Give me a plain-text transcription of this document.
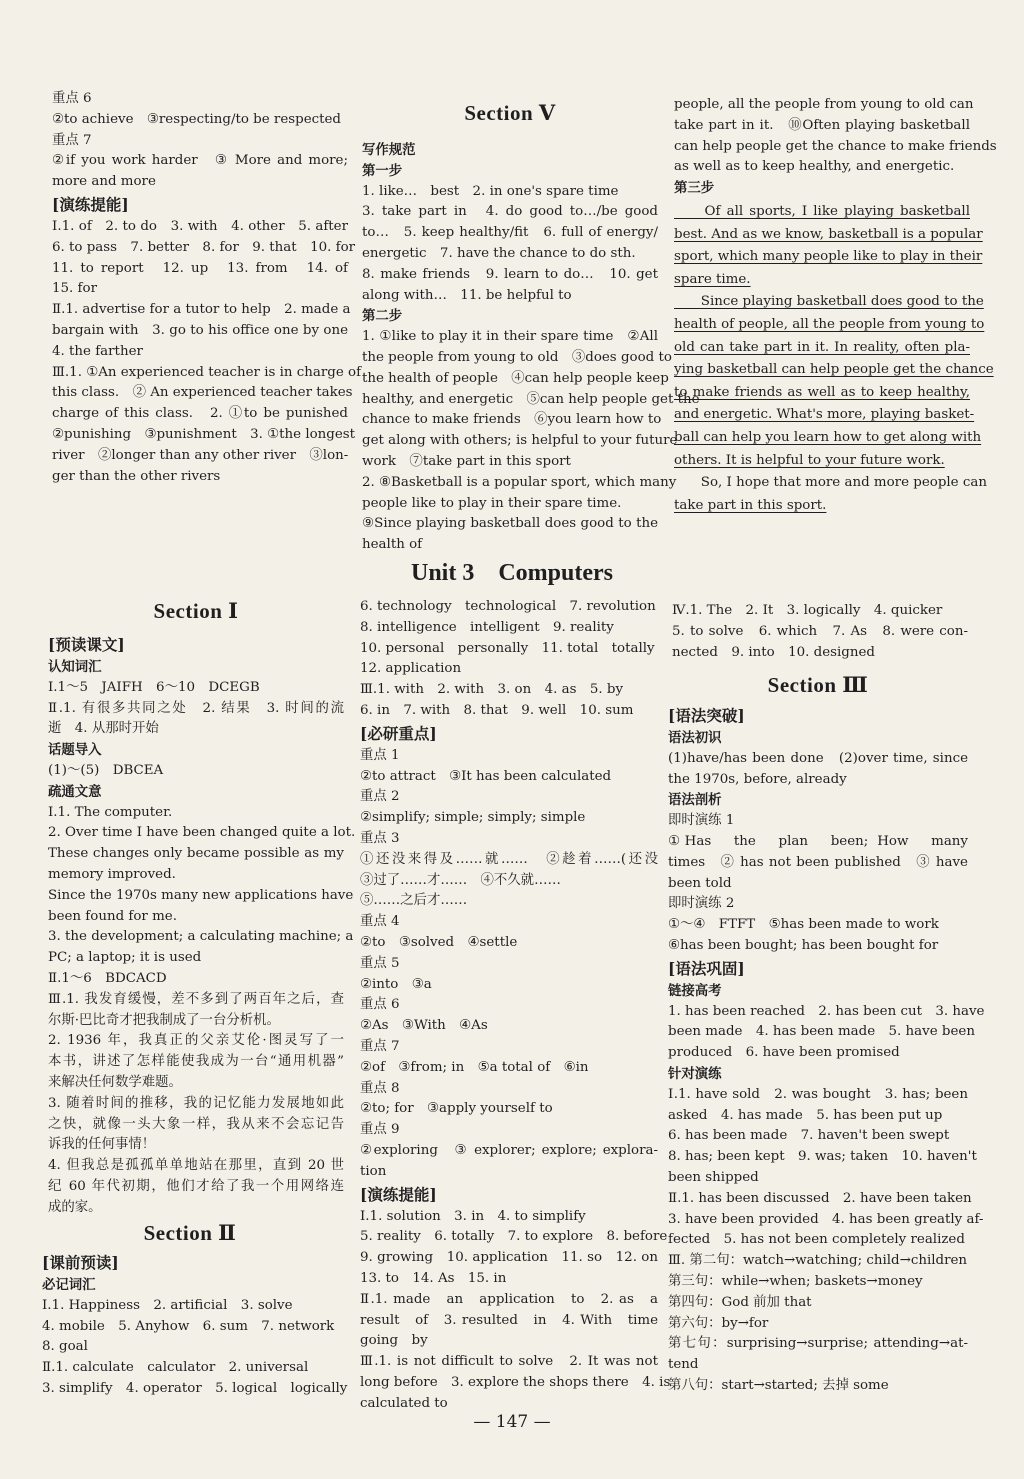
重点 6
②to achieve　③respecting/to be respected
重点 7
②if you work harder　③ More and more;
more and more
[演练提能]
Ⅰ.1. of　2. to do　3. with　4. other　5. after
6. to pass　7. better　8. for　9. that　10. for
11. to report　12. up　13. from　14. of
15. for
Ⅱ.1. advertise for a tutor to help　2. made a
bargain with　3. go to his office one by one
4. the farther
Ⅲ.1. ①An experienced teacher is in charge of
this class.　② An experienced teacher takes
charge of this class.　2. ①to be punished
②punishing　③punishment　3. ①the longest
river　②longer than any other river　③lon-
ger than the other rivers
Section Ⅴ
写作规范
第一步
1. like…　best　2. in one's spare time
3. take part in　4. do good to…/be good
to…　5. keep healthy/fit　6. full of energy/
energetic　7. have the chance to do sth.
8. make friends　9. learn to do…　10. get
along with…　11. be helpful to
第二步
1. ①like to play it in their spare time　②All
the people from young to old　③does good to
the health of people　④can help people keep
healthy, and energetic　⑤can help people get the
chance to make friends　⑥you learn how to
get along with others; is helpful to your future
work　⑦take part in this sport
2. ⑧Basketball is a popular sport, which many
people like to play in their spare time.
⑨Since playing basketball does good to the
health of
people, all the people from young to old can
take part in it.　⑩Often playing basketball
can help people get the chance to make friends
as well as to keep healthy, and energetic.
第三步
　　Of all sports, I like playing basketball
best. And as we know, basketball is a popular
sport, which many people like to play in their
spare time.
　　Since playing basketball does good to the
health of people, all the people from young to
old can take part in it. In reality, often pla-
ying basketball can help people get the chance
to make friends as well as to keep healthy,
and energetic. What's more, playing basket-
ball can help you learn how to get along with
others. It is helpful to your future work.
　　So, I hope that more and more people can
take part in this sport.
Unit 3　Computers
Section Ⅰ
[预读课文]
认知词汇
Ⅰ.1～5　JAIFH　6～10　DCEGB
Ⅱ.1. 有很多共同之处　2. 结果　3. 时间的流
逝　4. 从那时开始
话题导入
(1)～(5)　DBCEA
疏通文意
Ⅰ.1. The computer.
2. Over time I have been changed quite a lot.
These changes only became possible as my
memory improved.
Since the 1970s many new applications have
been found for me.
3. the development; a calculating machine; a
PC; a laptop; it is used
Ⅱ.1～6　BDCACD
Ⅲ.1. 我发育缓慢，差不多到了两百年之后，查
尔斯·巴比奇才把我制成了一台分析机。
2. 1936 年，我真正的父亲艾伦·图灵写了一
本书，讲述了怎样能使我成为一台“通用机器”
来解决任何数学难题。
3. 随着时间的推移，我的记忆能力发展地如此
之快，就像一头大象一样，我从来不会忘记告
诉我的任何事情！
4. 但我总是孤孤单单地站在那里，直到 20 世
纪 60 年代初期，他们才给了我一个用网络连
成的家。
Section Ⅱ
[课前预读]
必记词汇
Ⅰ.1. Happiness　2. artificial　3. solve
4. mobile　5. Anyhow　6. sum　7. network
8. goal
Ⅱ.1. calculate　calculator　2. universal
3. simplify　4. operator　5. logical　logically
6. technology　technological　7. revolution
8. intelligence　intelligent　9. reality
10. personal　personally　11. total　totally
12. application
Ⅲ.1. with　2. with　3. on　4. as　5. by
6. in　7. with　8. that　9. well　10. sum
[必研重点]
重点 1
②to attract　③It has been calculated
重点 2
②simplify; simple; simply; simple
重点 3
①还没来得及……就……　②趁着……(还没
③过了……才……　④不久就……
⑤……之后才……
重点 4
②to　③solved　④settle
重点 5
②into　③a
重点 6
②As　③With　④As
重点 7
②of　③from; in　⑤a total of　⑥in
重点 8
②to; for　③apply yourself to
重点 9
②exploring　③ explorer; explore; explora-
tion
[演练提能]
Ⅰ.1. solution　3. in　4. to simplify
5. reality　6. totally　7. to explore　8. before
9. growing　10. application　11. so　12. on
13. to　14. As　15. in
Ⅱ.1. made　an　application　to　2. as　a
result　of　3. resulted　in　4. With　time
going　by
Ⅲ.1. is not difficult to solve　2. It was not
long before　3. explore the shops there　4. is
calculated to
Ⅳ.1. The　2. It　3. logically　4. quicker
5. to solve　6. which　7. As　8. were con-
nected　9. into　10. designed
Section Ⅲ
[语法突破]
语法初识
(1)have/has been done　(2)over time, since
the 1970s, before, already
语法剖析
即时演练 1
①Has　the　plan　been; How　many
times　② has not been published　③ have
been told
即时演练 2
①～④　FTFT　⑤has been made to work
⑥has been bought; has been bought for
[语法巩固]
链接高考
1. has been reached　2. has been cut　3. have
been made　4. has been made　5. have been
produced　6. have been promised
针对演练
Ⅰ.1. have sold　2. was bought　3. has; been
asked　4. has made　5. has been put up
6. has been made　7. haven't been swept
8. has; been kept　9. was; taken　10. haven't
been shipped
Ⅱ.1. has been discussed　2. have been taken
3. have been provided　4. has been greatly af-
fected　5. has not been completely realized
Ⅲ. 第二句：watch→watching; child→children
第三句：while→when; baskets→money
第四句：God 前加 that
第六句：by→for
第七句：surprising→surprise; attending→at-
tend
第八句：start→started; 去掉 some
— 147 —
